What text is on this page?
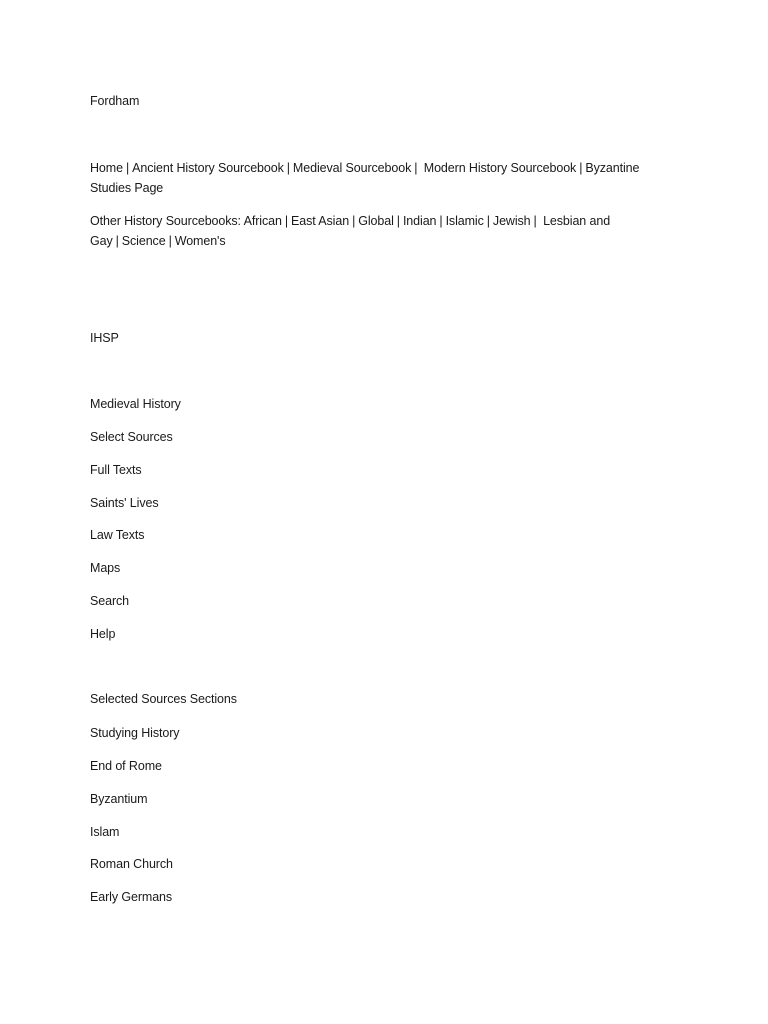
Fordham
Home | Ancient History Sourcebook | Medieval Sourcebook | Modern History Sourcebook | Byzantine Studies Page
Other History Sourcebooks: African | East Asian | Global | Indian | Islamic | Jewish | Lesbian and Gay | Science | Women's
IHSP
Medieval History
Select Sources
Full Texts
Saints' Lives
Law Texts
Maps
Search
Help
Selected Sources Sections
Studying History
End of Rome
Byzantium
Islam
Roman Church
Early Germans
